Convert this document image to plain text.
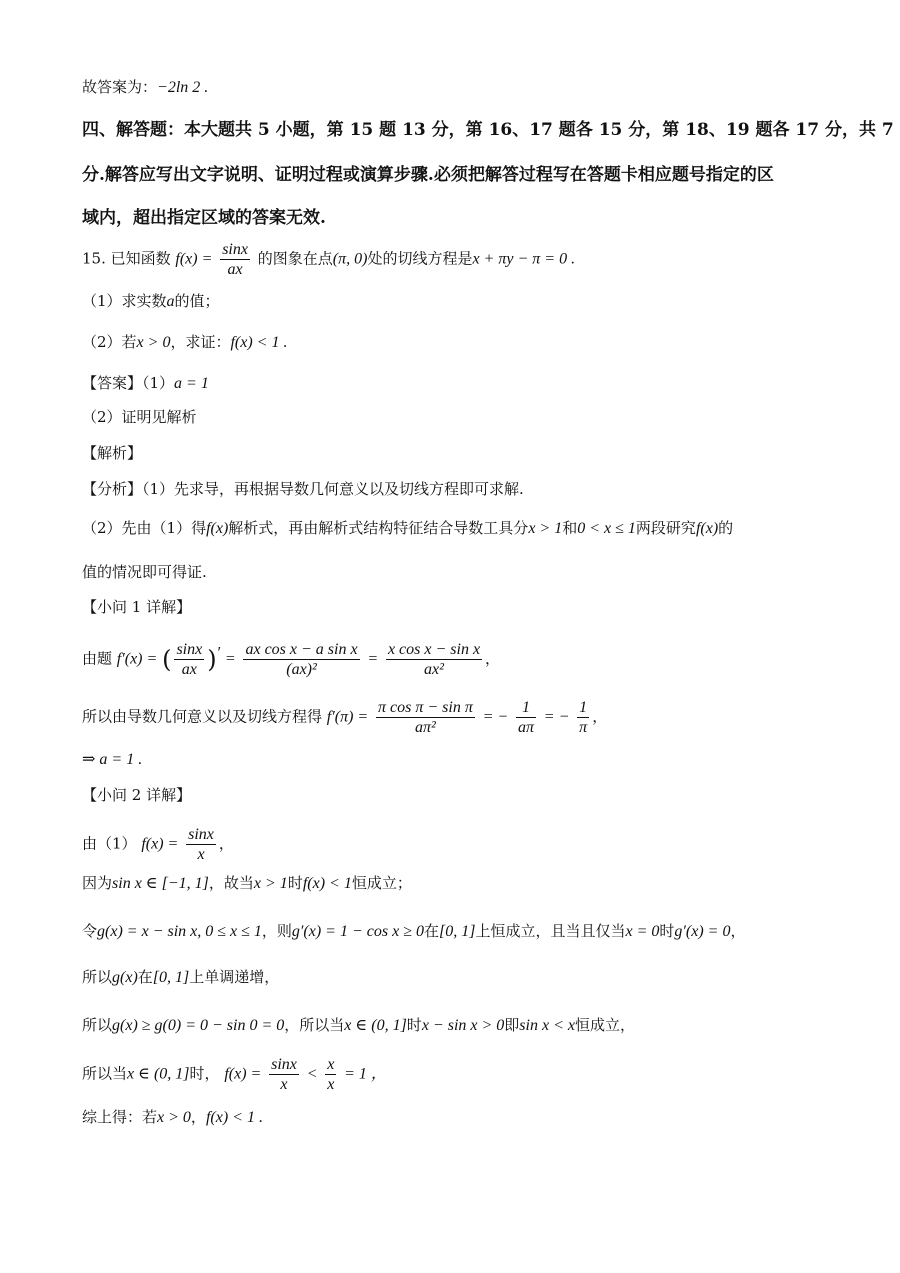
故答案为：−2ln 2 .
四、解答题：本大题共 5 小题，第 15 题 13 分，第 16、17 题各 15 分，第 18、19 题各 17 分，共 7
分.解答应写出文字说明、证明过程或演算步骤.必须把解答过程写在答题卡相应题号指定的区
域内，超出指定区域的答案无效.
15. 已知函数 $f(x) = \frac{\sin x}{ax}$ 的图象在点(π, 0)处的切线方程是x + πy − π = 0 .
（1）求实数a的值；
（2）若x > 0，求证：f(x) < 1 .
【答案】（1）a = 1
（2）证明见解析
【解析】
【分析】（1）先求导，再根据导数几何意义以及切线方程即可求解.
（2）先由（1）得f(x)解析式，再由解析式结构特征结合导数工具分x > 1和0 < x ≤ 1两段研究f(x)的
值的情况即可得证.
【小问 1 详解】
由题 f′(x) = ( $\frac{\sin x}{ax} )' = \frac{\text{ax cos x − a sin x}}{\text{(ax)²}} = \frac{\text{x cos x − sin x}}{\text{ax²}}$ ，
所以由导数几何意义以及切线方程得 $f'(\pi) = \frac{\text{π cos π − sin π}}{\text{aπ²}}$ = − $\frac{1}{a\pi}$ = − $\frac{1}{\pi}$ ，
⇒ a = 1 .
【小问 2 详解】
由（1） $f(x) = \frac{\sin x}{x}$ ，
因为sin x ∈ [−1, 1]，故当x > 1时f(x) < 1恒成立；
令g(x) = x − sin x, 0 ≤ x ≤ 1，则g′(x) = 1 − cos x ≥ 0在[0, 1]上恒成立，且当且仅当x = 0时g′(x) = 0，
所以g(x)在[0, 1]上单调递增，
所以g(x) ≥ g(0) = 0 − sin 0 = 0，所以当x ∈ (0, 1]时x − sin x > 0即sin x < x恒成立，
所以当x ∈ (0, 1]时， $f(x) = \frac{\sin x}{x} < \frac{x}{x} = 1$ ，
综上得：若x > 0，f(x) < 1 .
